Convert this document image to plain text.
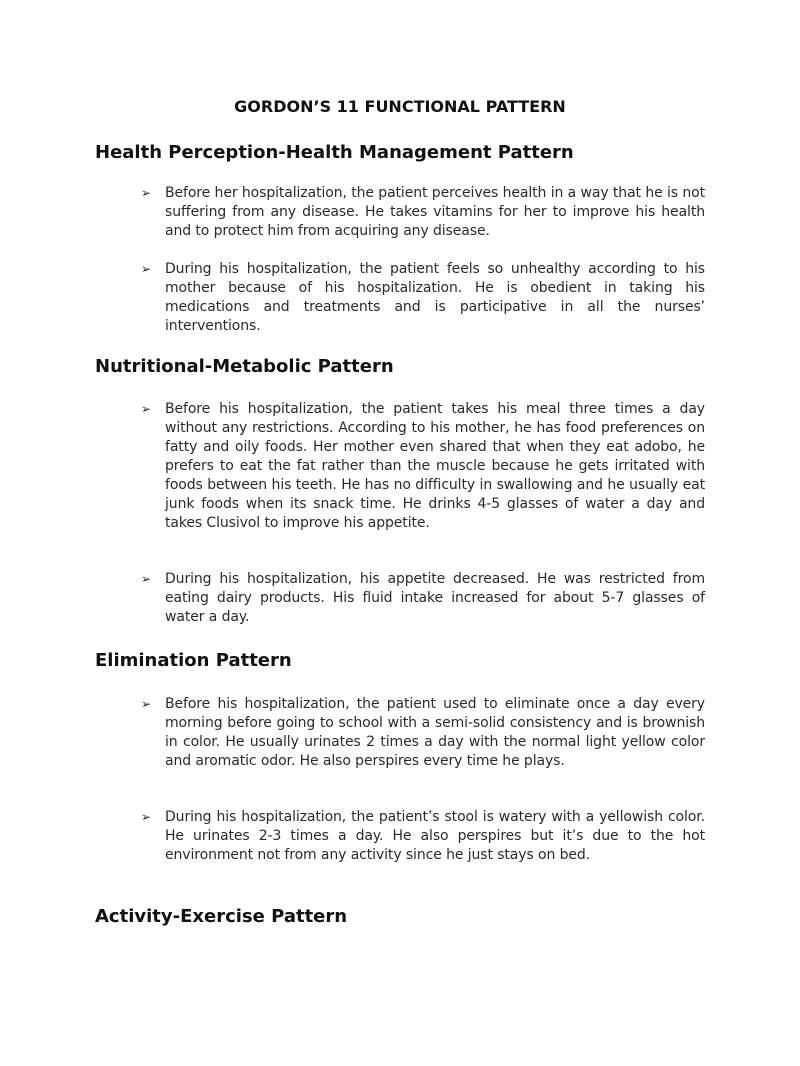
GORDON’S 11 FUNCTIONAL PATTERN
Health Perception-Health Management Pattern
➢ Before her hospitalization, the patient perceives health in a way that he is not suffering from any disease. He takes vitamins for her to improve his health and to protect him from acquiring any disease.
➢ During his hospitalization, the patient feels so unhealthy according to his mother because of his hospitalization. He is obedient in taking his medications and treatments and is participative in all the nurses’ interventions.
Nutritional-Metabolic Pattern
➢ Before his hospitalization, the patient takes his meal three times a day without any restrictions. According to his mother, he has food preferences on fatty and oily foods. Her mother even shared that when they eat adobo, he prefers to eat the fat rather than the muscle because he gets irritated with foods between his teeth. He has no difficulty in swallowing and he usually eat junk foods when its snack time. He drinks 4-5 glasses of water a day and takes Clusivol to improve his appetite.
➢ During his hospitalization, his appetite decreased. He was restricted from eating dairy products. His fluid intake increased for about 5-7 glasses of water a day.
Elimination Pattern
➢ Before his hospitalization, the patient used to eliminate once a day every morning before going to school with a semi-solid consistency and is brownish in color. He usually urinates 2 times a day with the normal light yellow color and aromatic odor. He also perspires every time he plays.
➢ During his hospitalization, the patient’s stool is watery with a yellowish color. He urinates 2-3 times a day. He also perspires but it’s due to the hot environment not from any activity since he just stays on bed.
Activity-Exercise Pattern
